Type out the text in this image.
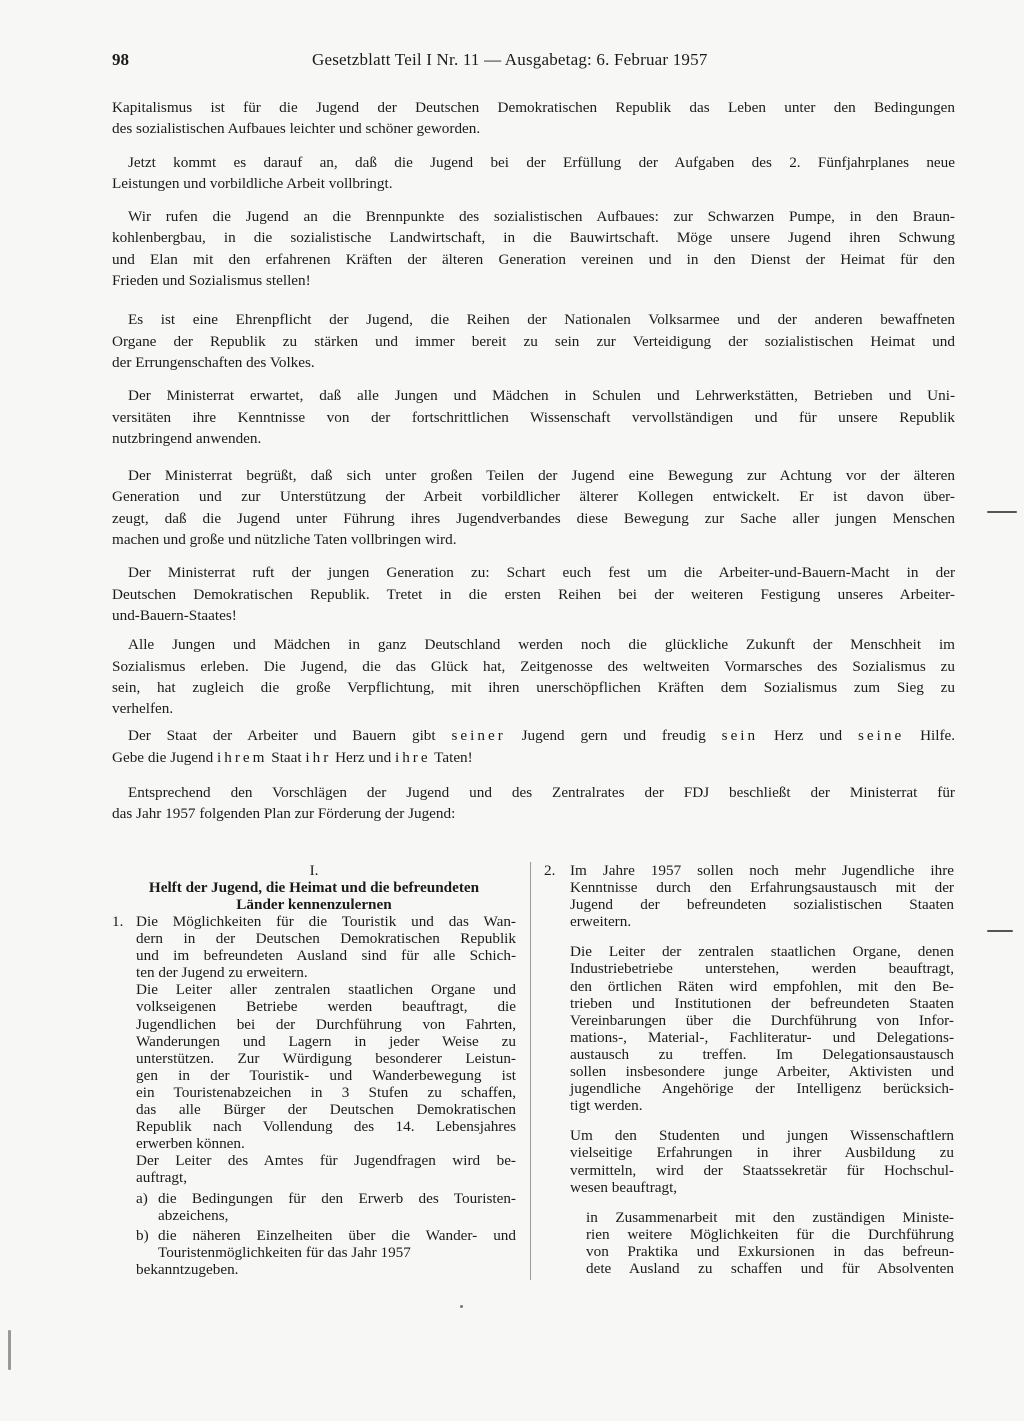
98	Gesetzblatt Teil I Nr. 11 — Ausgabetag: 6. Februar 1957
Kapitalismus ist für die Jugend der Deutschen Demokratischen Republik das Leben unter den Bedingungen
des sozialistischen Aufbaues leichter und schöner geworden.
Jetzt kommt es darauf an, daß die Jugend bei der Erfüllung der Aufgaben des 2. Fünfjahrplanes neue
Leistungen und vorbildliche Arbeit vollbringt.
Wir rufen die Jugend an die Brennpunkte des sozialistischen Aufbaues: zur Schwarzen Pumpe, in den Braun-
kohlenbergbau, in die sozialistische Landwirtschaft, in die Bauwirtschaft. Möge unsere Jugend ihren Schwung
und Elan mit den erfahrenen Kräften der älteren Generation vereinen und in den Dienst der Heimat für den
Frieden und Sozialismus stellen!
Es ist eine Ehrenpflicht der Jugend, die Reihen der Nationalen Volksarmee und der anderen bewaffneten
Organe der Republik zu stärken und immer bereit zu sein zur Verteidigung der sozialistischen Heimat und
der Errungenschaften des Volkes.
Der Ministerrat erwartet, daß alle Jungen und Mädchen in Schulen und Lehrwerkstätten, Betrieben und Uni-
versitäten ihre Kenntnisse von der fortschrittlichen Wissenschaft vervollständigen und für unsere Republik
nutzbringend anwenden.
Der Ministerrat begrüßt, daß sich unter großen Teilen der Jugend eine Bewegung zur Achtung vor der älteren
Generation und zur Unterstützung der Arbeit vorbildlicher älterer Kollegen entwickelt. Er ist davon über-
zeugt, daß die Jugend unter Führung ihres Jugendverbandes diese Bewegung zur Sache aller jungen Menschen
machen und große und nützliche Taten vollbringen wird.
Der Ministerrat ruft der jungen Generation zu: Schart euch fest um die Arbeiter-und-Bauern-Macht in der
Deutschen Demokratischen Republik. Tretet in die ersten Reihen bei der weiteren Festigung unseres Arbeiter-
und-Bauern-Staates!
Alle Jungen und Mädchen in ganz Deutschland werden noch die glückliche Zukunft der Menschheit im
Sozialismus erleben. Die Jugend, die das Glück hat, Zeitgenosse des weltweiten Vormarsches des Sozialismus zu
sein, hat zugleich die große Verpflichtung, mit ihren unerschöpflichen Kräften dem Sozialismus zum Sieg zu
verhelfen.
Der Staat der Arbeiter und Bauern gibt seiner Jugend gern und freudig sein Herz und seine Hilfe.
Gebe die Jugend ihrem Staat ihr Herz und ihre Taten!
Entsprechend den Vorschlägen der Jugend und des Zentralrates der FDJ beschließt der Ministerrat für
das Jahr 1957 folgenden Plan zur Förderung der Jugend:
I.
Helft der Jugend, die Heimat und die befreundeten
Länder kennenzulernen
1. Die Möglichkeiten für die Touristik und das Wan-
dern in der Deutschen Demokratischen Republik
und im befreundeten Ausland sind für alle Schich-
ten der Jugend zu erweitern.
Die Leiter aller zentralen staatlichen Organe und
volkseigenen Betriebe werden beauftragt, die
Jugendlichen bei der Durchführung von Fahrten,
Wanderungen und Lagern in jeder Weise zu
unterstützen. Zur Würdigung besonderer Leistun-
gen in der Touristik- und Wanderbewegung ist
ein Touristenabzeichen in 3 Stufen zu schaffen,
das alle Bürger der Deutschen Demokratischen
Republik nach Vollendung des 14. Lebensjahres
erwerben können.
Der Leiter des Amtes für Jugendfragen wird be-
auftragt,
a) die Bedingungen für den Erwerb des Touristen-
abzeichens,
b) die näheren Einzelheiten über die Wander- und
Touristenmöglichkeiten für das Jahr 1957
bekanntzugeben.
2. Im Jahre 1957 sollen noch mehr Jugendliche ihre
Kenntnisse durch den Erfahrungsaustausch mit der
Jugend der befreundeten sozialistischen Staaten
erweitern.
Die Leiter der zentralen staatlichen Organe, denen
Industriebetriebe unterstehen, werden beauftragt,
den örtlichen Räten wird empfohlen, mit den Be-
trieben und Institutionen der befreundeten Staaten
Vereinbarungen über die Durchführung von Infor-
mations-, Material-, Fachliteratur- und Delegations-
austausch zu treffen. Im Delegationsaustausch
sollen insbesondere junge Arbeiter, Aktivisten und
jugendliche Angehörige der Intelligenz berücksich-
tigt werden.
Um den Studenten und jungen Wissenschaftlern
vielseitige Erfahrungen in ihrer Ausbildung zu
vermitteln, wird der Staatssekretär für Hochschul-
wesen beauftragt,
in Zusammenarbeit mit den zuständigen Ministe-
rien weitere Möglichkeiten für die Durchführung
von Praktika und Exkursionen in das befreun-
dete Ausland zu schaffen und für Absolventen
